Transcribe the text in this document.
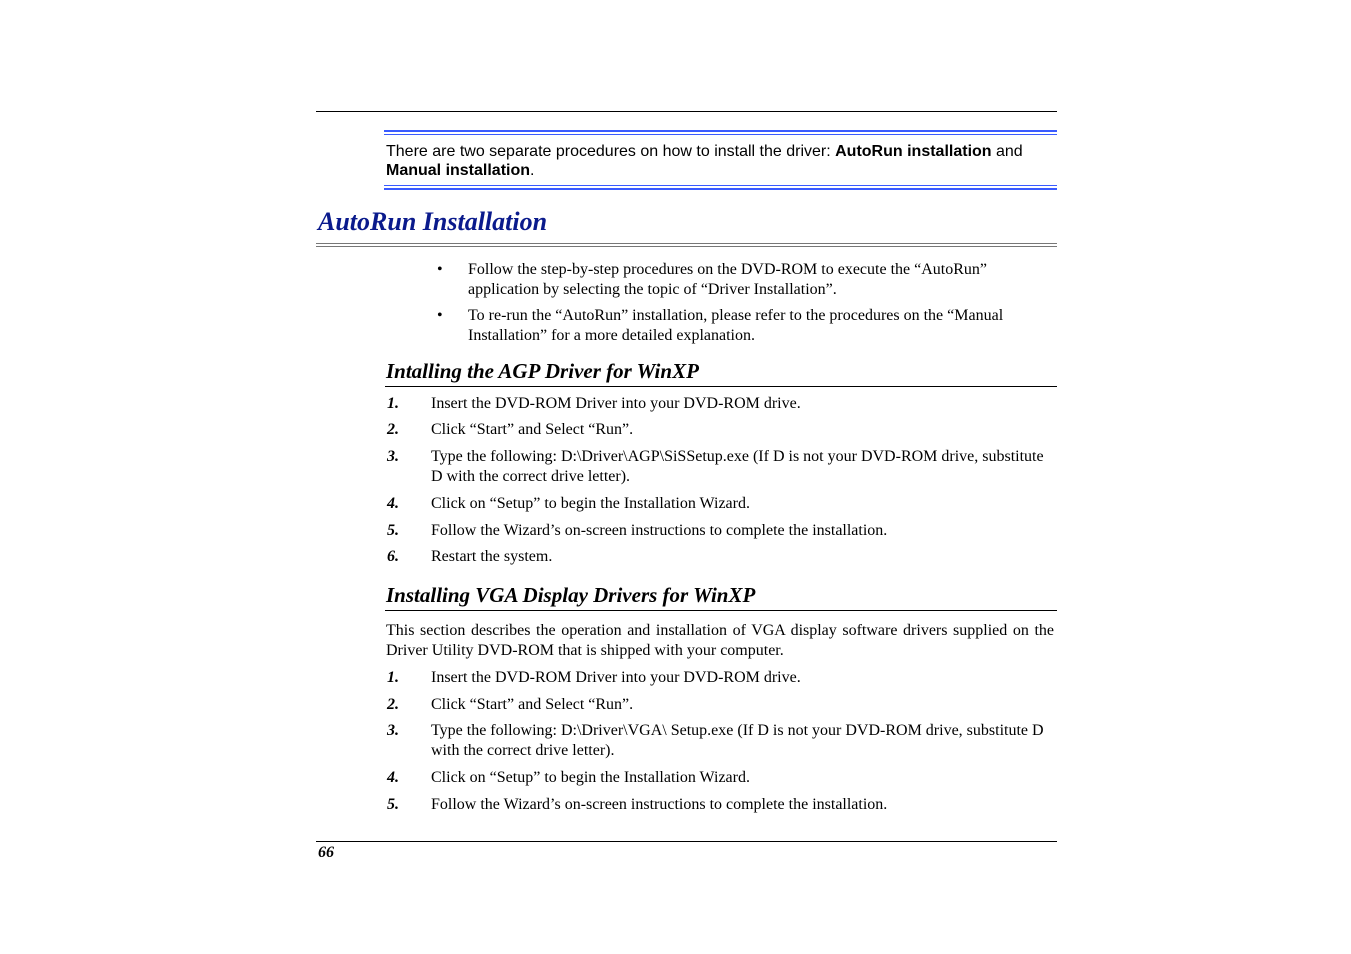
There are two separate procedures on how to install the driver: AutoRun installation and Manual installation.
AutoRun Installation
• Follow the step-by-step procedures on the DVD-ROM to execute the “AutoRun” application by selecting the topic of “Driver Installation”.
• To re-run the “AutoRun” installation, please refer to the procedures on the “Manual Installation” for a more detailed explanation.
Intalling the AGP Driver for WinXP
1. Insert the DVD-ROM Driver into your DVD-ROM drive.
2. Click “Start” and Select “Run”.
3. Type the following: D:\Driver\AGP\SiSSetup.exe (If D is not your DVD-ROM drive, substitute D with the correct drive letter).
4. Click on “Setup” to begin the Installation Wizard.
5. Follow the Wizard’s on-screen instructions to complete the installation.
6. Restart the system.
Installing VGA Display Drivers for WinXP
This section describes the operation and installation of VGA display software drivers supplied on the Driver Utility DVD-ROM that is shipped with your computer.
1. Insert the DVD-ROM Driver into your DVD-ROM drive.
2. Click “Start” and Select “Run”.
3. Type the following: D:\Driver\VGA\ Setup.exe (If D is not your DVD-ROM drive, substitute D with the correct drive letter).
4. Click on “Setup” to begin the Installation Wizard.
5. Follow the Wizard’s on-screen instructions to complete the installation.
66
